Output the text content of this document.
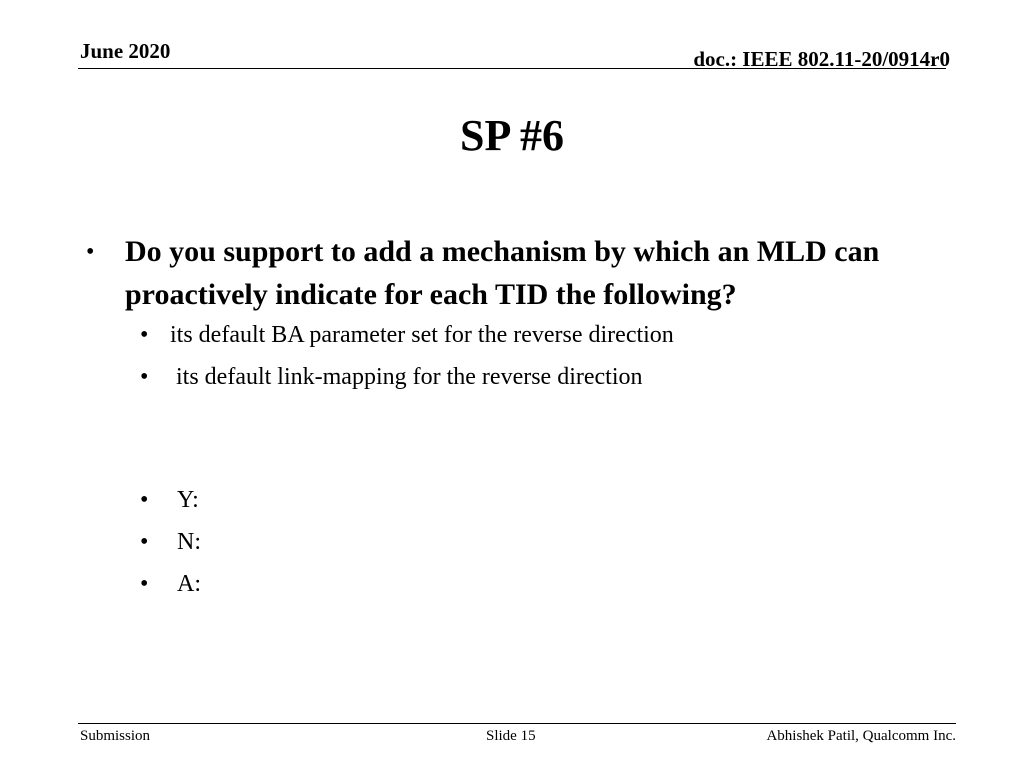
June 2020	doc.: IEEE 802.11-20/0914r0
SP #6
• Do you support to add a mechanism by which an MLD can proactively indicate for each TID the following?
• its default BA parameter set for the reverse direction
• its default link-mapping for the reverse direction
• Y:
• N:
• A:
Submission	Slide 15	Abhishek Patil, Qualcomm Inc.
